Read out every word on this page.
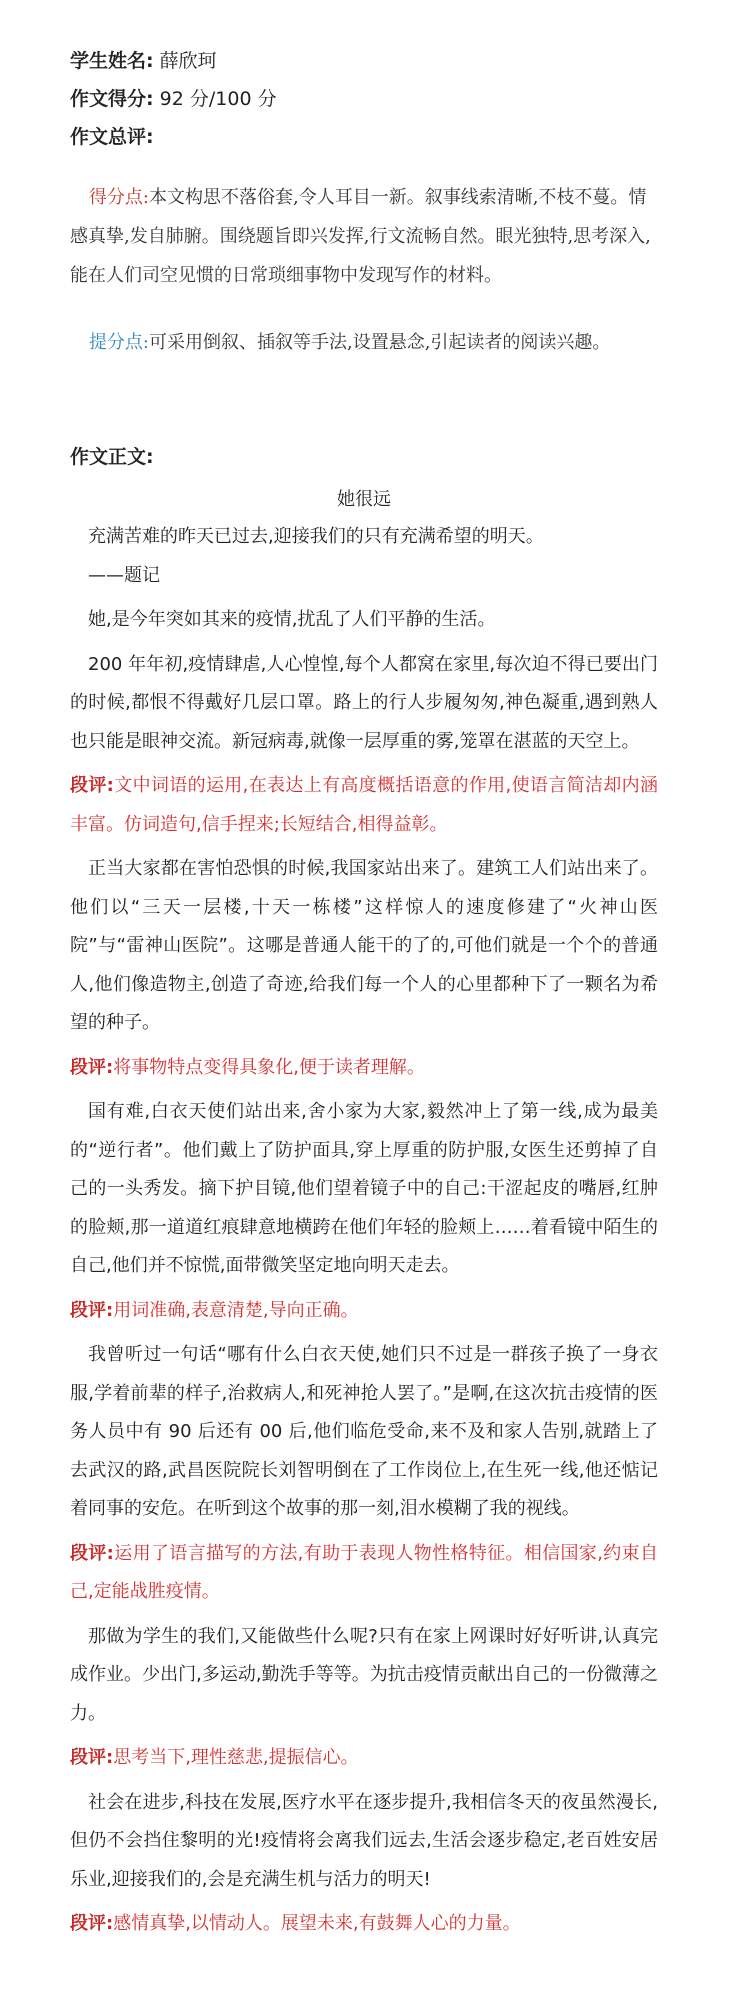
学生姓名: 薛欣珂

作文得分: 92 分/100 分

作文总评:

得分点:本文构思不落俗套,令人耳目一新。叙事线索清晰,不枝不蔓。情感真挚,发自肺腑。围绕题旨即兴发挥,行文流畅自然。眼光独特,思考深入,能在人们司空见惯的日常琐细事物中发现写作的材料。

提分点:可采用倒叙、插叙等手法,设置悬念,引起读者的阅读兴趣。

作文正文:

她很远

充满苦难的昨天已过去,迎接我们的只有充满希望的明天。

——题记

她,是今年突如其来的疫情,扰乱了人们平静的生活。

200 年年初,疫情肆虐,人心惶惶,每个人都窝在家里,每次迫不得已要出门的时候,都恨不得戴好几层口罩。路上的行人步履匆匆,神色凝重,遇到熟人也只能是眼神交流。新冠病毒,就像一层厚重的雾,笼罩在湛蓝的天空上。

段评:文中词语的运用,在表达上有高度概括语意的作用,使语言简洁却内涵丰富。仿词造句,信手捏来;长短结合,相得益彰。

正当大家都在害怕恐惧的时候,我国家站出来了。建筑工人们站出来了。他们以“三天一层楼,十天一栋楼”这样惊人的速度修建了“火神山医院”与“雷神山医院”。这哪是普通人能干的了的,可他们就是一个个的普通人,他们像造物主,创造了奇迹,给我们每一个人的心里都种下了一颗名为希望的种子。

段评:将事物特点变得具象化,便于读者理解。

国有难,白衣天使们站出来,舍小家为大家,毅然冲上了第一线,成为最美的“逆行者”。他们戴上了防护面具,穿上厚重的防护服,女医生还剪掉了自己的一头秀发。摘下护目镜,他们望着镜子中的自己:干涩起皮的嘴唇,红肿的脸颊,那一道道红痕肆意地横跨在他们年轻的脸颊上……着看镜中陌生的自己,他们并不惊慌,面带微笑坚定地向明天走去。

段评:用词准确,表意清楚,导向正确。

我曾听过一句话“哪有什么白衣天使,她们只不过是一群孩子换了一身衣服,学着前辈的样子,治救病人,和死神抢人罢了。”是啊,在这次抗击疫情的医务人员中有 90 后还有 00 后,他们临危受命,来不及和家人告别,就踏上了去武汉的路,武昌医院院长刘智明倒在了工作岗位上,在生死一线,他还惦记着同事的安危。在听到这个故事的那一刻,泪水模糊了我的视线。

段评:运用了语言描写的方法,有助于表现人物性格特征。相信国家,约束自己,定能战胜疫情。

那做为学生的我们,又能做些什么呢?只有在家上网课时好好听讲,认真完成作业。少出门,多运动,勤洗手等等。为抗击疫情贡献出自己的一份微薄之力。

段评:思考当下,理性慈悲,提振信心。

社会在进步,科技在发展,医疗水平在逐步提升,我相信冬天的夜虽然漫长,但仍不会挡住黎明的光!疫情将会离我们远去,生活会逐步稳定,老百姓安居乐业,迎接我们的,会是充满生机与活力的明天!

段评:感情真挚,以情动人。展望未来,有鼓舞人心的力量。
